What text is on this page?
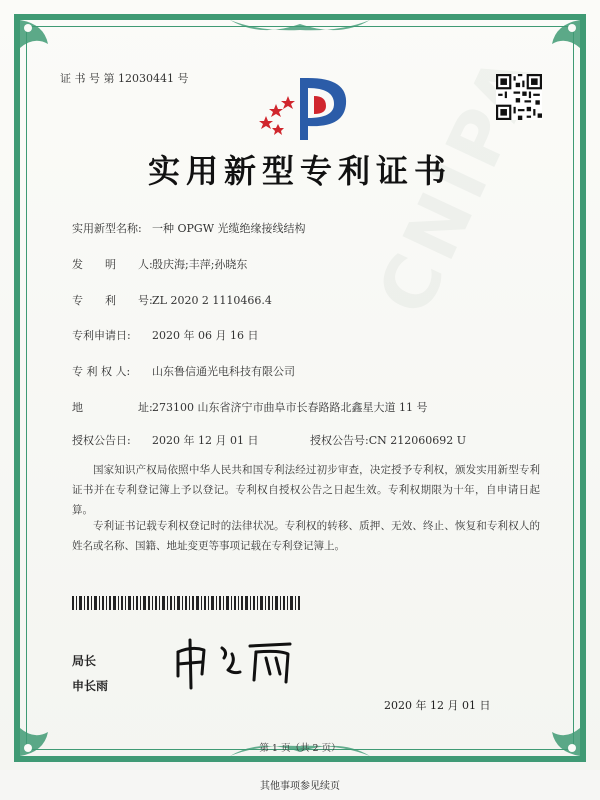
CNIPA
证 书 号 第 12030441 号
实用新型专利证书
实用新型名称: 一种 OPGW 光缆绝缘接线结构
发　　明　　人:殷庆海;丰萍;孙晓东
专　　利　　号:ZL 2020 2 1110466.4
专利申请日: 2020 年 06 月 16 日
专 利 权 人: 山东鲁信通光电科技有限公司
地　　　　　址:273100 山东省济宁市曲阜市长春路路北鑫星大道 11 号
授权公告日: 2020 年 12 月 01 日	授权公告号:CN 212060692 U
国家知识产权局依照中华人民共和国专利法经过初步审查，决定授予专利权，颁发实用新型专利证书并在专利登记簿上予以登记。专利权自授权公告之日起生效。专利权期限为十年，自申请日起算。
专利证书记载专利权登记时的法律状况。专利权的转移、质押、无效、终止、恢复和专利权人的姓名或名称、国籍、地址变更等事项记载在专利登记簿上。
局长
申长雨
2020 年 12 月 01 日
第 1 页（共 2 页）
其他事项参见续页
